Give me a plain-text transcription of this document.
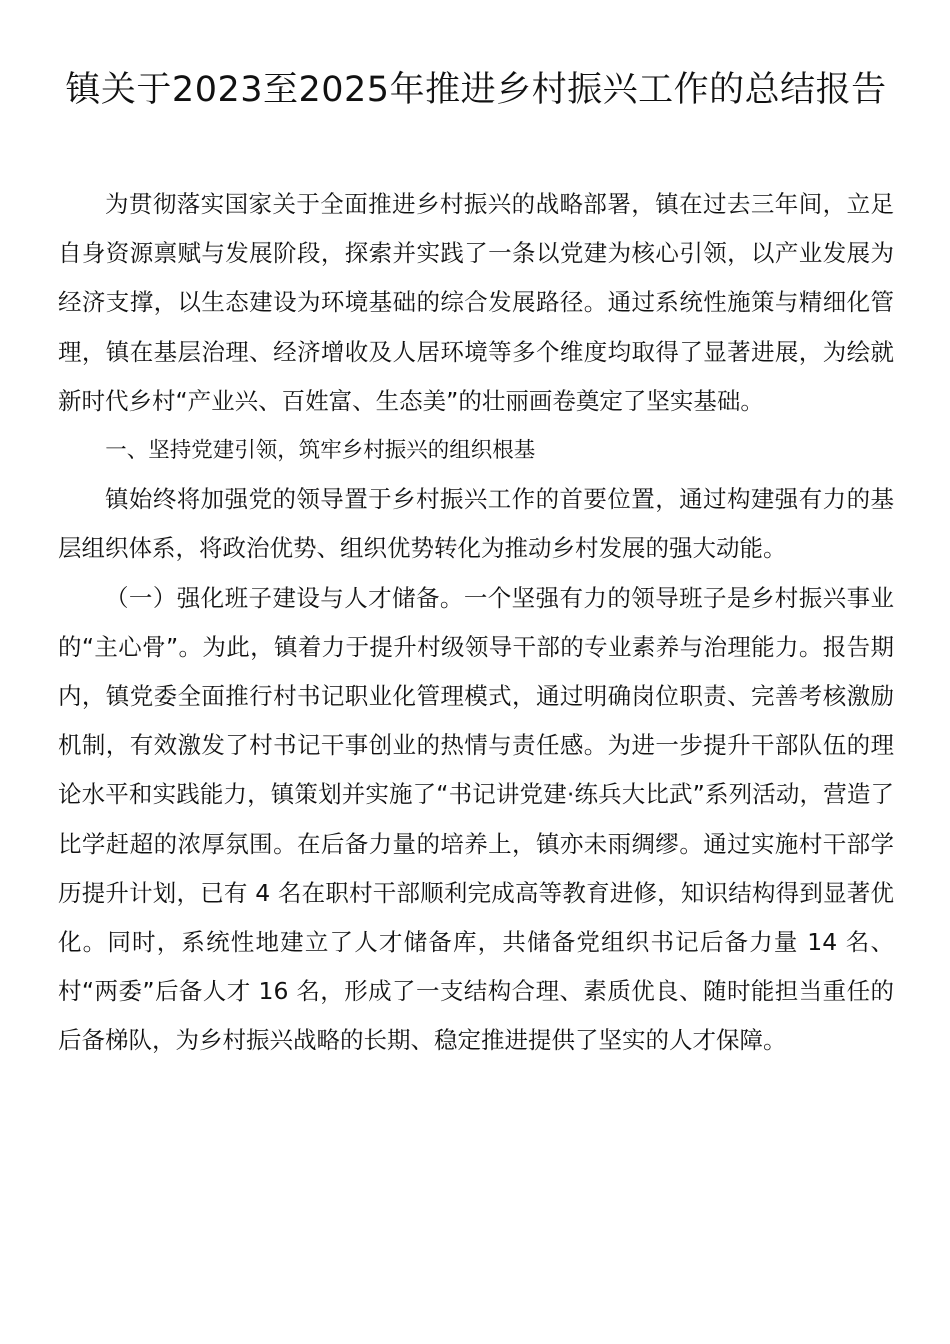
镇关于2023至2025年推进乡村振兴工作的总结报告

为贯彻落实国家关于全面推进乡村振兴的战略部署，镇在过去三年间，立足自身资源禀赋与发展阶段，探索并实践了一条以党建为核心引领，以产业发展为经济支撑，以生态建设为环境基础的综合发展路径。通过系统性施策与精细化管理，镇在基层治理、经济增收及人居环境等多个维度均取得了显著进展，为绘就新时代乡村“产业兴、百姓富、生态美”的壮丽画卷奠定了坚实基础。

一、坚持党建引领，筑牢乡村振兴的组织根基

镇始终将加强党的领导置于乡村振兴工作的首要位置，通过构建强有力的基层组织体系，将政治优势、组织优势转化为推动乡村发展的强大动能。

（一）强化班子建设与人才储备。一个坚强有力的领导班子是乡村振兴事业的“主心骨”。为此，镇着力于提升村级领导干部的专业素养与治理能力。报告期内，镇党委全面推行村书记职业化管理模式，通过明确岗位职责、完善考核激励机制，有效激发了村书记干事创业的热情与责任感。为进一步提升干部队伍的理论水平和实践能力，镇策划并实施了“书记讲党建·练兵大比武”系列活动，营造了比学赶超的浓厚氛围。在后备力量的培养上，镇亦未雨绸缪。通过实施村干部学历提升计划，已有 4 名在职村干部顺利完成高等教育进修，知识结构得到显著优化。同时，系统性地建立了人才储备库，共储备党组织书记后备力量 14 名、村“两委”后备人才 16 名，形成了一支结构合理、素质优良、随时能担当重任的后备梯队，为乡村振兴战略的长期、稳定推进提供了坚实的人才保障。
